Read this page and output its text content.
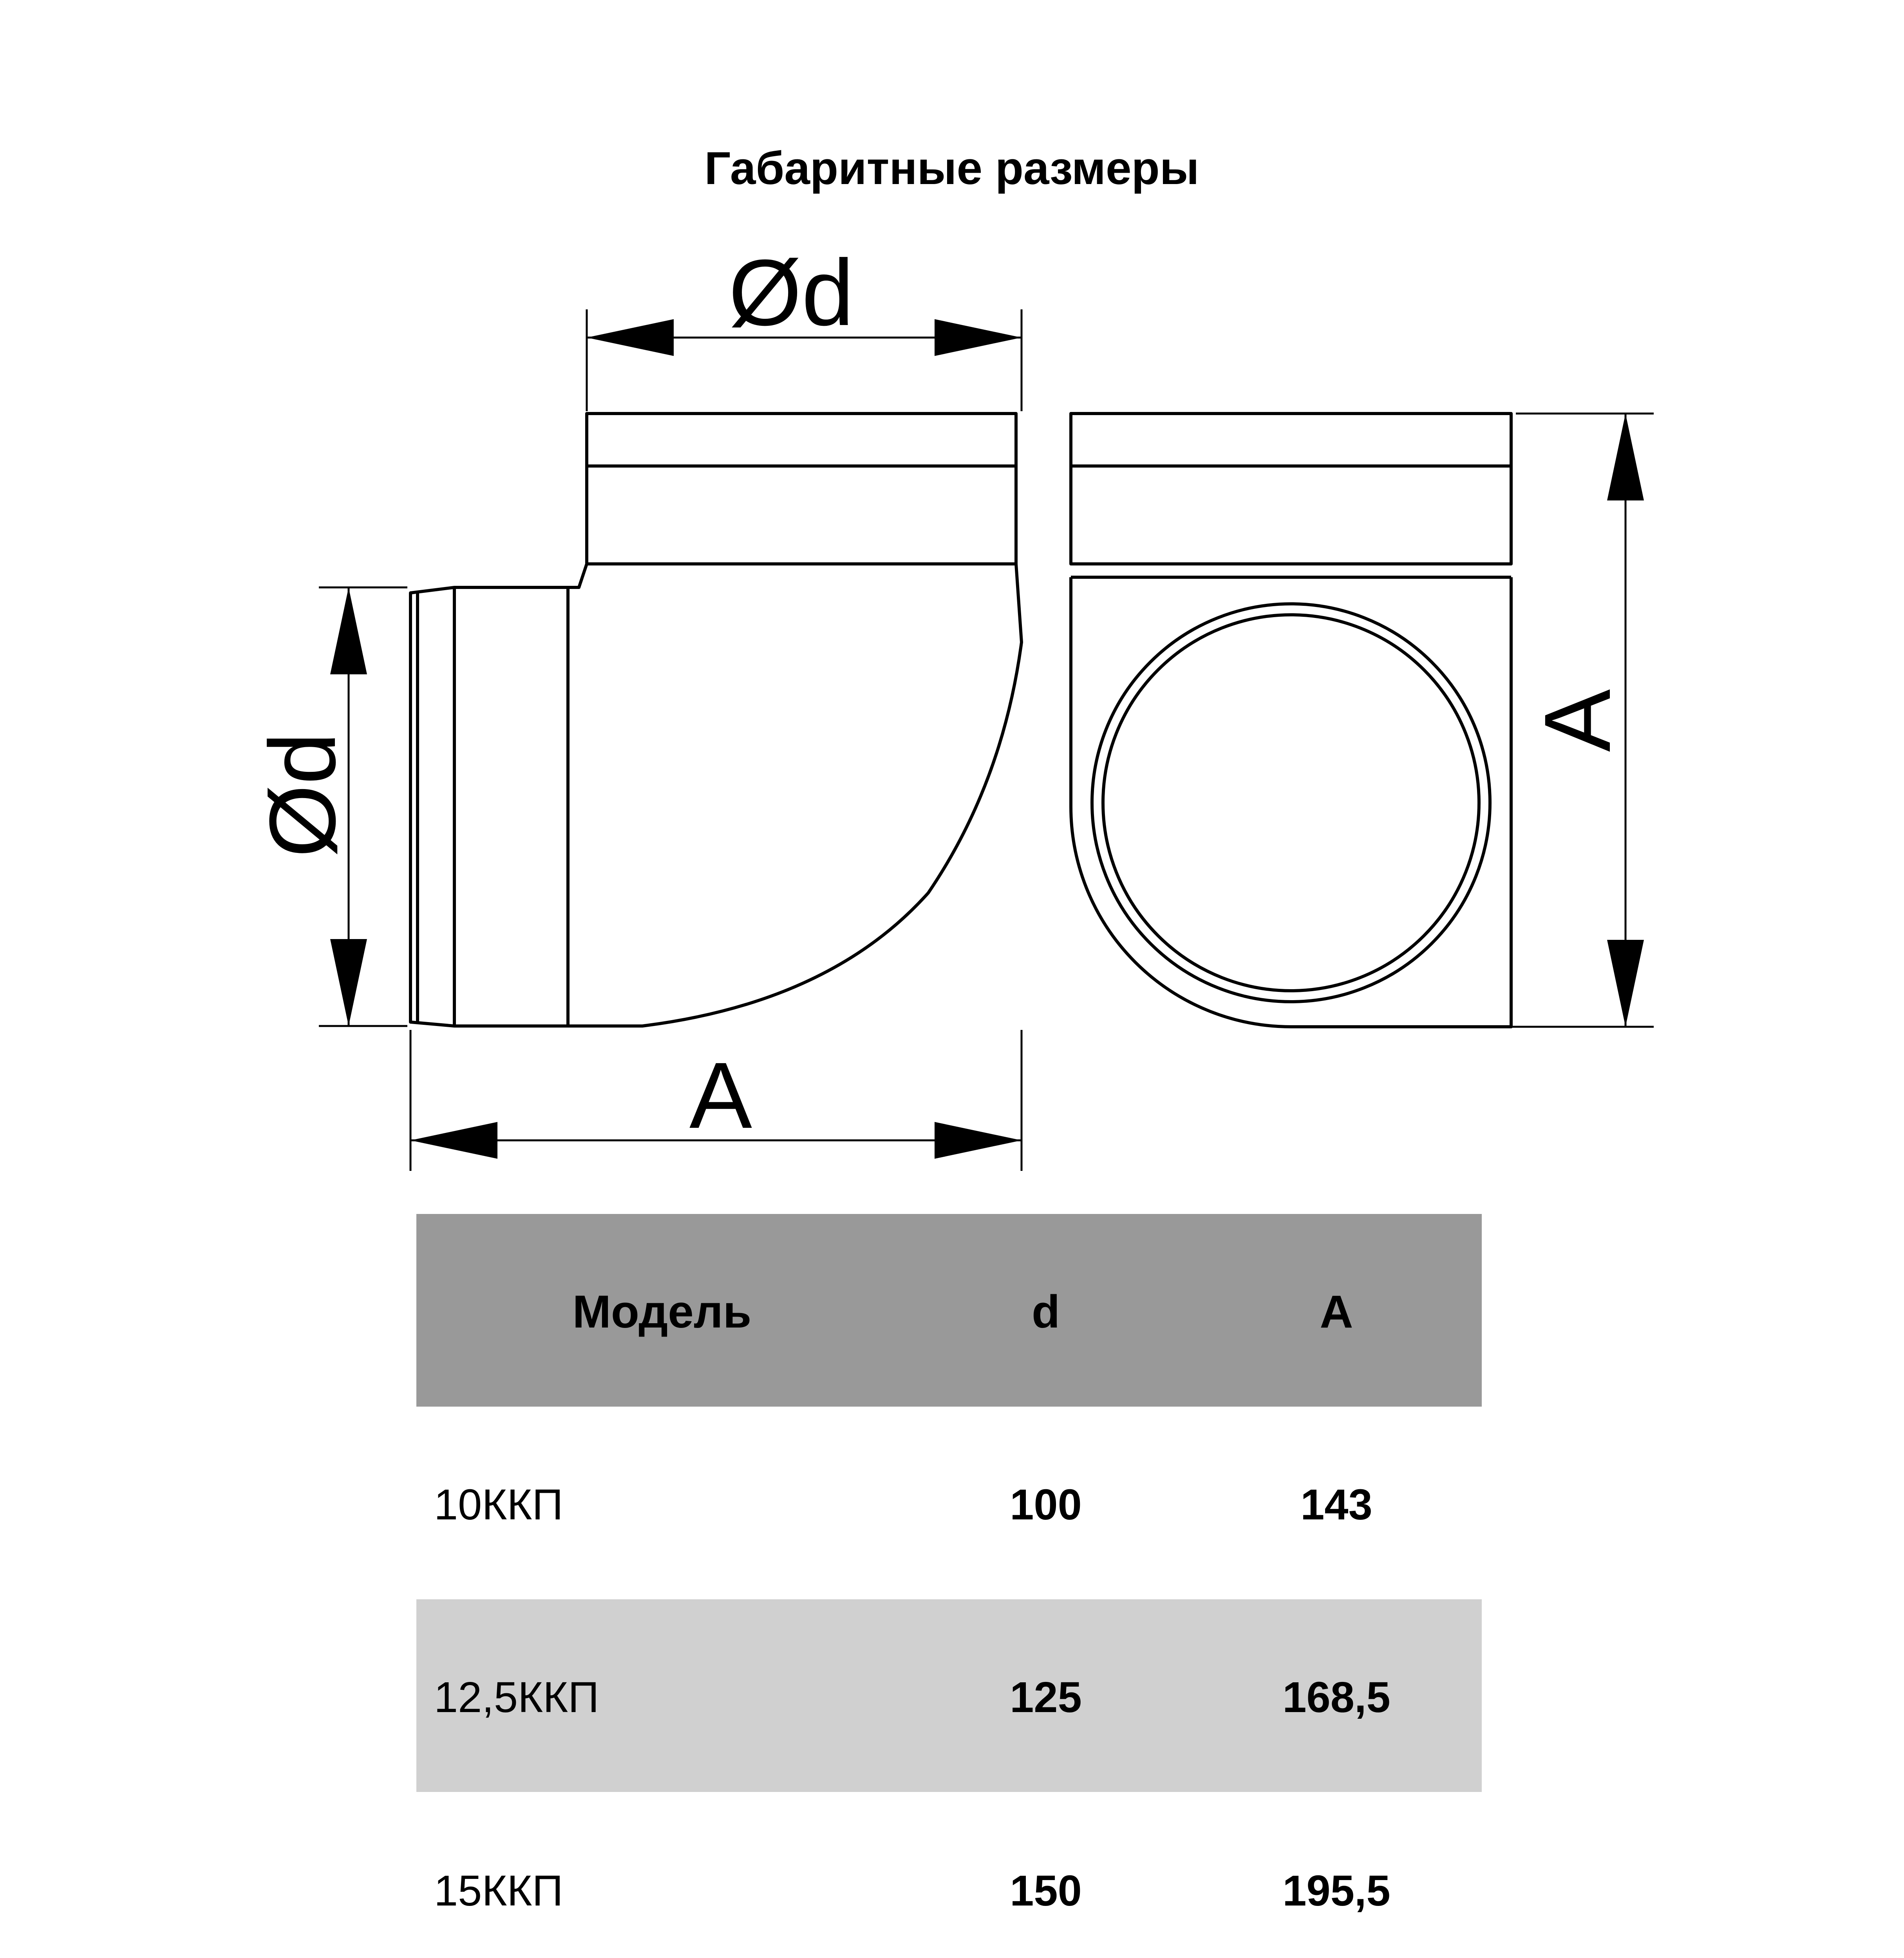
Габаритные размеры
Ød
Ød
A
A
Модель	d	A
10ККП	100	143
12,5ККП	125	168,5
15ККП	150	195,5
